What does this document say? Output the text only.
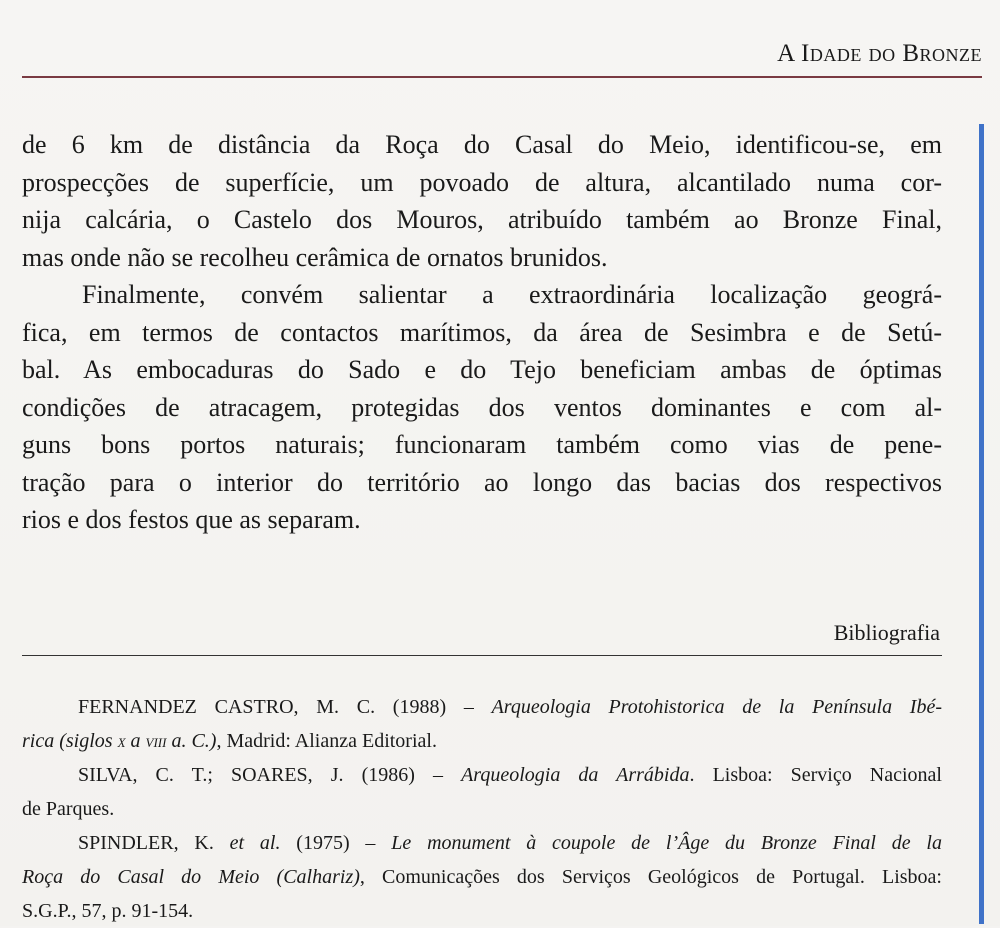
A Idade do Bronze
de 6 km de distância da Roça do Casal do Meio, identificou-se, em
prospecções de superfície, um povoado de altura, alcantilado numa cor-
nija calcária, o Castelo dos Mouros, atribuído também ao Bronze Final,
mas onde não se recolheu cerâmica de ornatos brunidos.
Finalmente, convém salientar a extraordinária localização geográ-
fica, em termos de contactos marítimos, da área de Sesimbra e de Setú-
bal. As embocaduras do Sado e do Tejo beneficiam ambas de óptimas
condições de atracagem, protegidas dos ventos dominantes e com al-
guns bons portos naturais; funcionaram também como vias de pene-
tração para o interior do território ao longo das bacias dos respectivos
rios e dos festos que as separam.
Bibliografia
FERNANDEZ CASTRO, M. C. (1988) – Arqueologia Protohistorica de la Península Ibé-
rica (siglos x a viii a. C.), Madrid: Alianza Editorial.
SILVA, C. T.; SOARES, J. (1986) – Arqueologia da Arrábida. Lisboa: Serviço Nacional
de Parques.
SPINDLER, K. et al. (1975) – Le monument à coupole de l’Âge du Bronze Final de la
Roça do Casal do Meio (Calhariz), Comunicações dos Serviços Geológicos de Portugal. Lisboa:
S.G.P., 57, p. 91-154.
